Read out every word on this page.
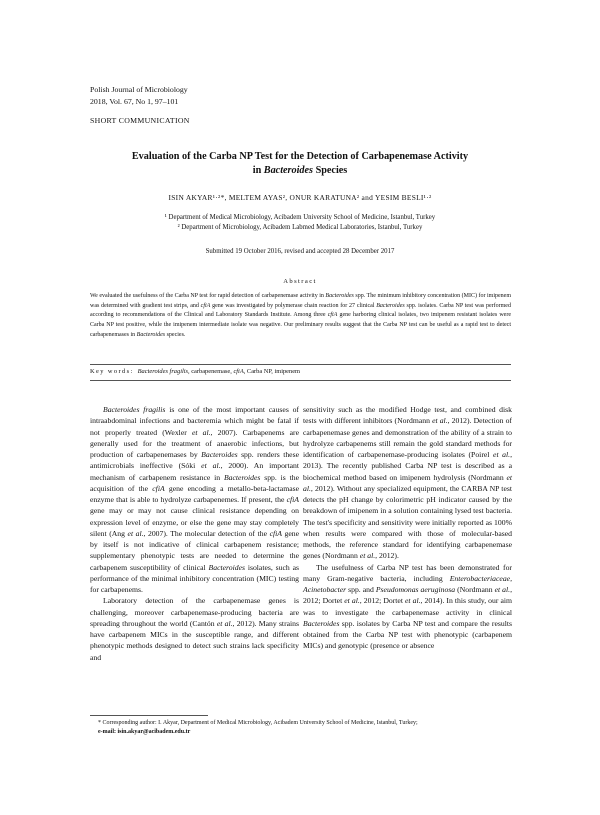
Polish Journal of Microbiology
2018, Vol. 67, No 1, 97–101
SHORT COMMUNICATION
Evaluation of the Carba NP Test for the Detection of Carbapenemase Activity
in Bacteroides Species
ISIN AKYAR¹·²*, MELTEM AYAS², ONUR KARATUNA² and YESIM BESLI¹·²
¹ Department of Medical Microbiology, Acibadem University School of Medicine, Istanbul, Turkey
² Department of Microbiology, Acibadem Labmed Medical Laboratories, Istanbul, Turkey
Submitted 19 October 2016, revised and accepted 28 December 2017
Abstract
We evaluated the usefulness of the Carba NP test for rapid detection of carbapenemase activity in Bacteroides spp. The minimum inhibitory concentration (MIC) for imipenem was determined with gradient test strips, and cfiA gene was investigated by polymerase chain reaction for 27 clinical Bacteroides spp. isolates. Carba NP test was performed according to recommendations of the Clinical and Laboratory Standards Institute. Among three cfiA gene harboring clinical isolates, two imipenem resistant isolates were Carba NP test positive, while the imipenem intermediate isolate was negative. Our preliminary results suggest that the Carba NP test can be useful as a rapid test to detect carbapenemases in Bacteroides species.
Key words: Bacteroides fragilis, carbapenemase, cfiA, Carba NP, imipenem

Bacteroides fragilis is one of the most important causes of intraabdominal infections and bacteremia which might be fatal if not properly treated (Wexler et al., 2007). Carbapenems are generally used for the treatment of anaerobic infections, but production of carbapenemases by Bacteroides spp. renders these antimicrobials ineffective (Sóki et al., 2000). An important mechanism of carbapenem resistance in Bacteroides spp. is the acquisition of the cfiA gene encoding a metallo-beta-lactamase enzyme that is able to hydrolyze carbapenemes. If present, the cfiA gene may or may not cause clinical resistance depending on expression level of enzyme, or else the gene may stay completely silent (Ang et al., 2007). The molecular detection of the cfiA gene by itself is not indicative of clinical carbapenem resistance; supplementary phenotypic tests are needed to determine the carbapenem susceptibility of clinical Bacteroides isolates, such as performance of the minimal inhibitory concentration (MIC) testing for carbapenems.

Laboratory detection of the carbapenemase genes is challenging, moreover carbapenemase-producing bacteria are spreading throughout the world (Cantón et al., 2012). Many strains have carbapenem MICs in the susceptible range, and different phenotypic methods designed to detect such strains lack specificity and

sensitivity such as the modified Hodge test, and combined disk tests with different inhibitors (Nordmann et al., 2012). Detection of carbapenemase genes and demonstration of the ability of a strain to hydrolyze carbapenems still remain the gold standard methods for identification of carbapenemase-producing isolates (Poirel et al., 2013). The recently published Carba NP test is described as a biochemical method based on imipenem hydrolysis (Nordmann et al., 2012). Without any specialized equipment, the CARBA NP test detects the pH change by colorimetric pH indicator caused by the breakdown of imipenem in a solution containing lysed test bacteria. The test's specificity and sensitivity were initially reported as 100% when results were compared with those of molecular-based methods, the reference standard for identifying carbapenemase genes (Nordmann et al., 2012).

The usefulness of Carba NP test has been demonstrated for many Gram-negative bacteria, including Enterobacteriaceae, Acinetobacter spp. and Pseudomonas aeruginosa (Nordmann et al., 2012; Dortet et al., 2012; Dortet et al., 2014). In this study, our aim was to investigate the carbapenemase activity in clinical Bacteroides spp. isolates by Carba NP test and compare the results obtained from the Carba NP test with phenotypic (carbapenem MICs) and genotypic (presence or absence

* Corresponding author: I. Akyar, Department of Medical Microbiology, Acibadem University School of Medicine, Istanbul, Turkey;
e-mail: isin.akyar@acibadem.edu.tr
